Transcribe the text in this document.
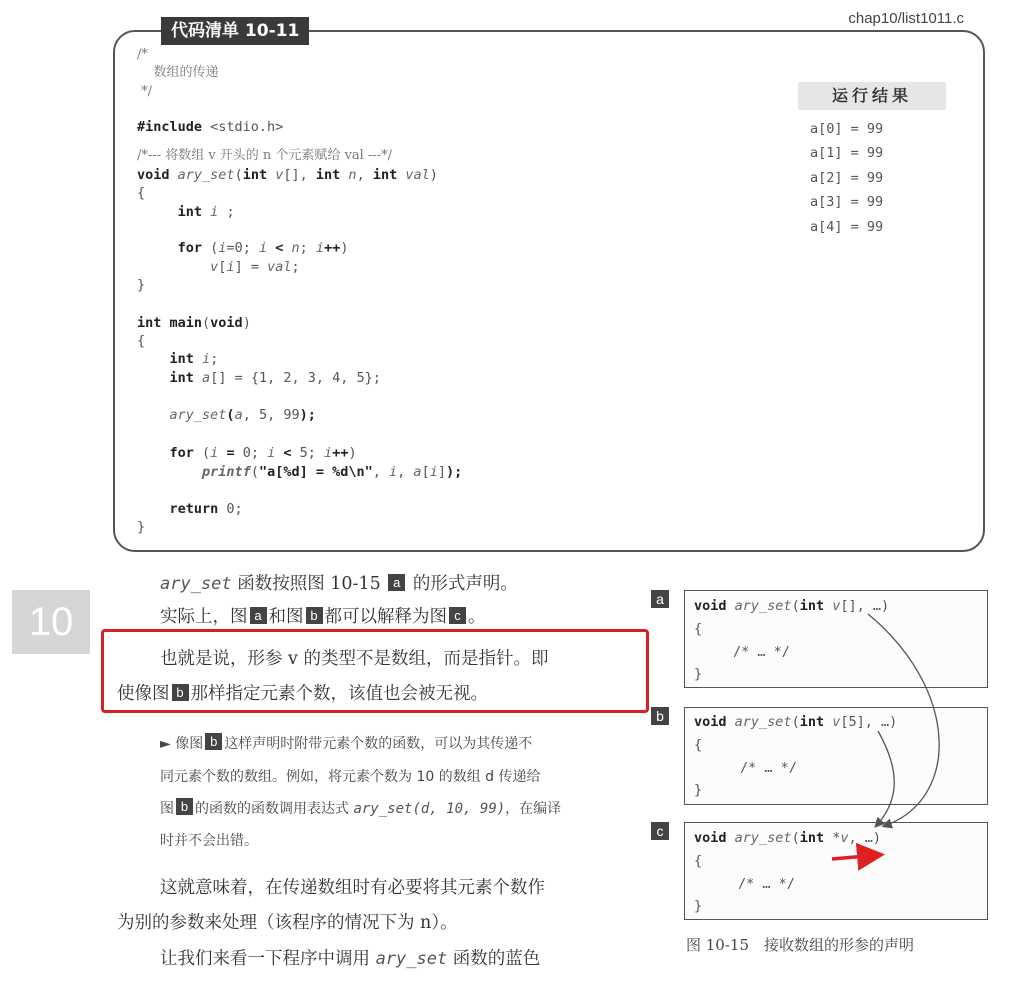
代码清单 10-11
chap10/list1011.c
/*
数组的传递
*/
#include <stdio.h>
/*--- 将数组 v 开头的 n 个元素赋给 val ---*/
void ary_set(int v[], int n, int val)
{
int i ;
for (i=0; i < n; i++)
v[i] = val;
}
int main(void)
{
int i;
int a[] = {1, 2, 3, 4, 5};
ary_set(a, 5, 99);
for (i = 0; i < 5; i++)
printf("a[%d] = %d\n", i, a[i]);
return 0;
}
运行结果
a[0] = 99
a[1] = 99
a[2] = 99
a[3] = 99
a[4] = 99
10
ary_set 函数按照图 10-15 a 的形式声明。
实际上，图 a 和图 b 都可以解释为图 c 。
也就是说，形参 v 的类型不是数组，而是指针。即
使像图 b 那样指定元素个数，该值也会被无视。
► 像图 b 这样声明时附带元素个数的函数，可以为其传递不
同元素个数的数组。例如，将元素个数为 10 的数组 d 传递给
图 b 的函数的函数调用表达式 ary_set(d, 10, 99)，在编译
时并不会出错。
这就意味着，在传递数组时有必要将其元素个数作
为别的参数来处理（该程序的情况下为 n）。
让我们来看一下程序中调用 ary_set 函数的蓝色
a	void ary_set(int v[], …)
{
/* … */
}
b	void ary_set(int v[5], …)
{
/* … */
}
c	void ary_set(int *v, …)
{
/* … */
}
图 10-15　接收数组的形参的声明
